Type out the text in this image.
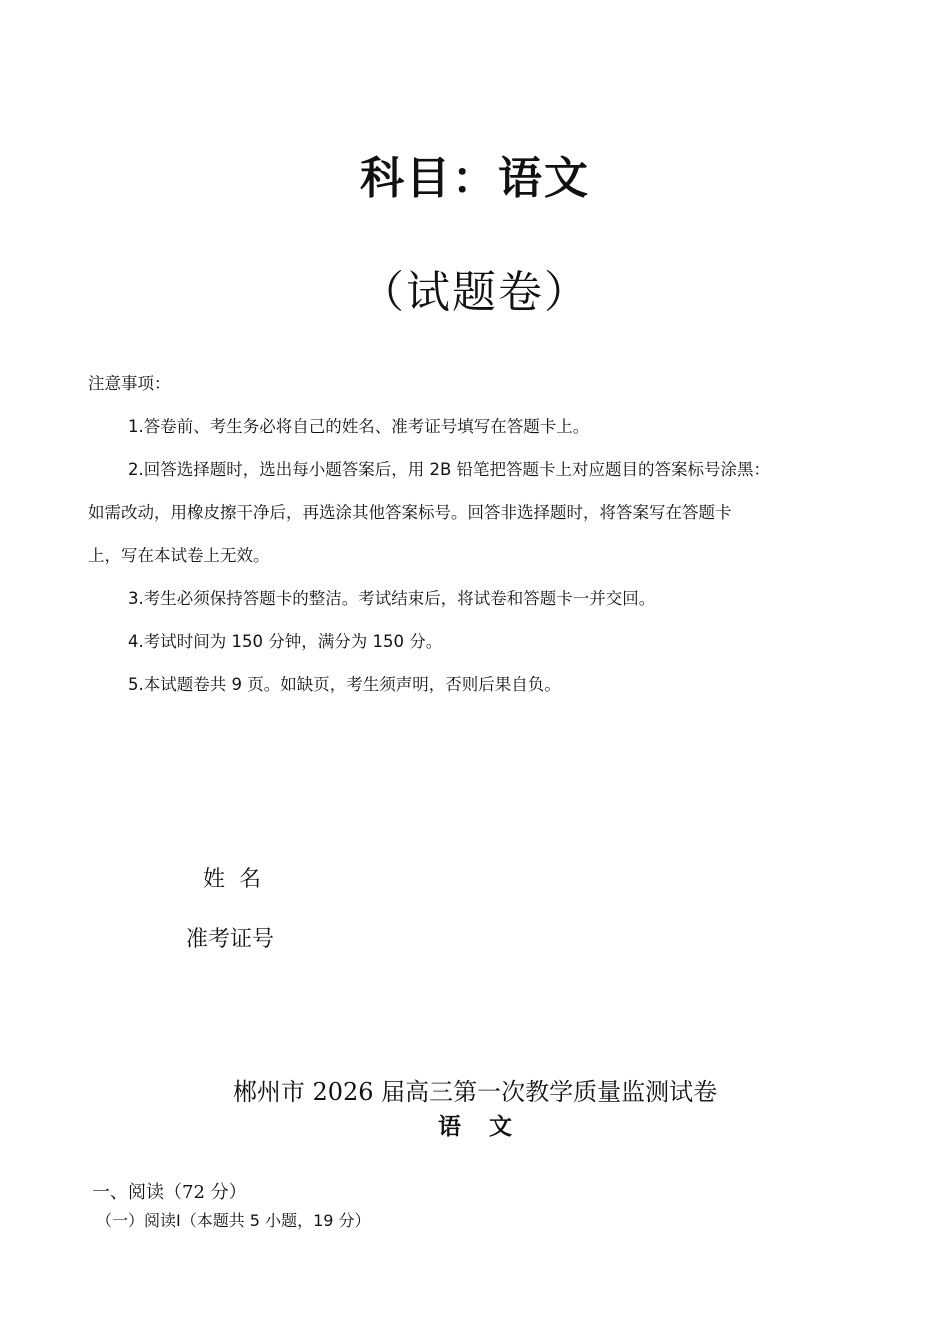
科目：语文
（试题卷）
注意事项：
1.答卷前、考生务必将自己的姓名、准考证号填写在答题卡上。
2.回答选择题时，选出每小题答案后，用 2B 铅笔把答题卡上对应题目的答案标号涂黑：
如需改动，用橡皮擦干净后，再选涂其他答案标号。回答非选择题时，将答案写在答题卡
上，写在本试卷上无效。
3.考生必须保持答题卡的整洁。考试结束后，将试卷和答题卡一并交回。
4.考试时间为 150 分钟，满分为 150 分。
5.本试题卷共 9 页。如缺页，考生须声明，否则后果自负。
姓  名
准考证号
郴州市 2026 届高三第一次教学质量监测试卷
语文
一、阅读（72 分）
（一）阅读Ⅰ（本题共 5 小题，19 分）
